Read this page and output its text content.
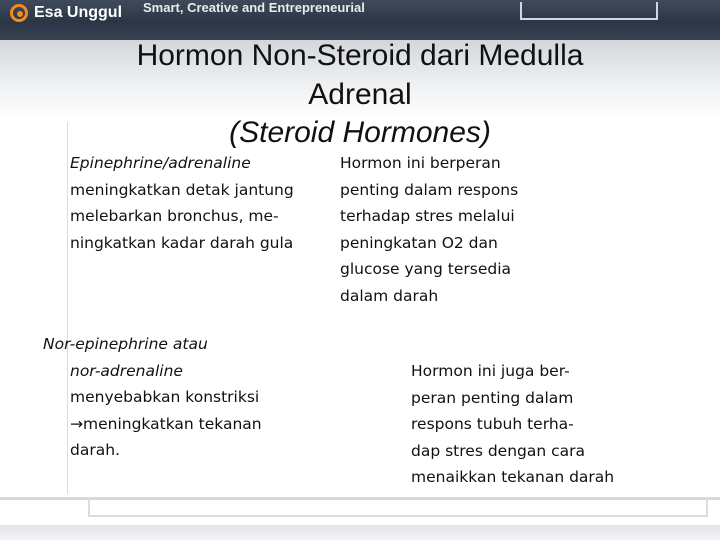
Esa Unggul Smart, Creative and Entrepreneurial
Hormon Non-Steroid dari Medulla
Adrenal
(Steroid Hormones)
Epinephrine/adrenaline
meningkatkan detak jantung
melebarkan bronchus, me-
ningkatkan kadar darah gula
Hormon ini berperan
penting dalam respons
terhadap stres melalui
peningkatan O2 dan
glucose yang tersedia
dalam darah
Nor-epinephrine atau
nor-adrenaline
menyebabkan konstriksi
→meningkatkan tekanan
darah.
Hormon ini juga ber-
peran penting dalam
respons tubuh terha-
dap stres dengan cara
menaikkan tekanan darah
